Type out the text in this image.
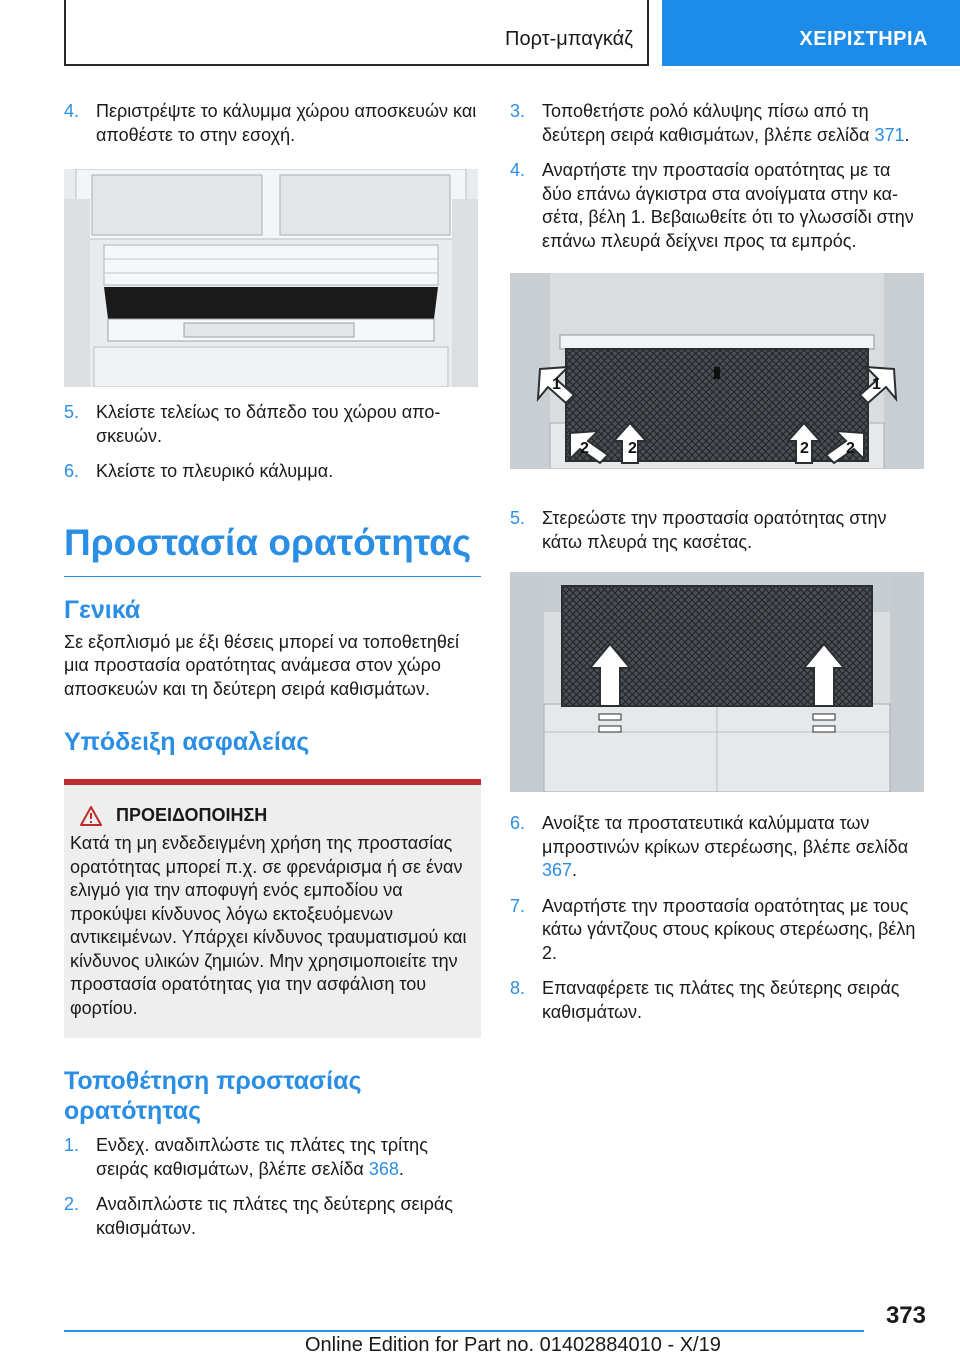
Πορτ-μπαγκάζ	ΧΕΙΡΙΣΤΗΡΙΑ
4. Περιστρέψτε το κάλυμμα χώρου αποσκευών και αποθέστε το στην εσοχή.
5. Κλείστε τελείως το δάπεδο του χώρου αποσκευών.
6. Κλείστε το πλευρικό κάλυμμα.
Προστασία ορατότητας
Γενικά

Σε εξοπλισμό με έξι θέσεις μπορεί να τοποθετηθεί μια προστασία ορατότητας ανάμεσα στον χώρο αποσκευών και τη δεύτερη σειρά καθισμάτων.

Υπόδειξη ασφαλείας
ΠΡΟΕΙΔΟΠΟΙΗΣΗ

Κατά τη μη ενδεδειγμένη χρήση της προστασίας ορατότητας μπορεί π.χ. σε φρενάρισμα ή σε έναν ελιγμό για την αποφυγή ενός εμποδίου να προκύψει κίνδυνος λόγω εκτοξευόμενων αντικειμένων. Υπάρχει κίνδυνος τραυματισμού και κίνδυνος υλικών ζημιών. Μην χρησιμοποιείτε την προστασία ορατότητας για την ασφάλιση του φορτίου.

Τοποθέτηση προστασίας ορατότητας
1. Ενδεχ. αναδιπλώστε τις πλάτες της τρίτης σειράς καθισμάτων, βλέπε σελίδα 368.
2. Αναδιπλώστε τις πλάτες της δεύτερης σειράς καθισμάτων.
3. Τοποθετήστε ρολό κάλυψης πίσω από τη δεύτερη σειρά καθισμάτων, βλέπε σελίδα 371.
4. Αναρτήστε την προστασία ορατότητας με τα δύο επάνω άγκιστρα στα ανοίγματα στην κασέτα, βέλη 1. Βεβαιωθείτε ότι το γλωσσίδι στην επάνω πλευρά δείχνει προς τα εμπρός.
1	1
2 2	2 2
5. Στερεώστε την προστασία ορατότητας στην κάτω πλευρά της κασέτας.
6. Ανοίξτε τα προστατευτικά καλύμματα των μπροστινών κρίκων στερέωσης, βλέπε σελίδα 367.
7. Αναρτήστε την προστασία ορατότητας με τους κάτω γάντζους στους κρίκους στερέωσης, βέλη 2.
8. Επαναφέρετε τις πλάτες της δεύτερης σειράς καθισμάτων.
373
Online Edition for Part no. 01402884010 - X/19
